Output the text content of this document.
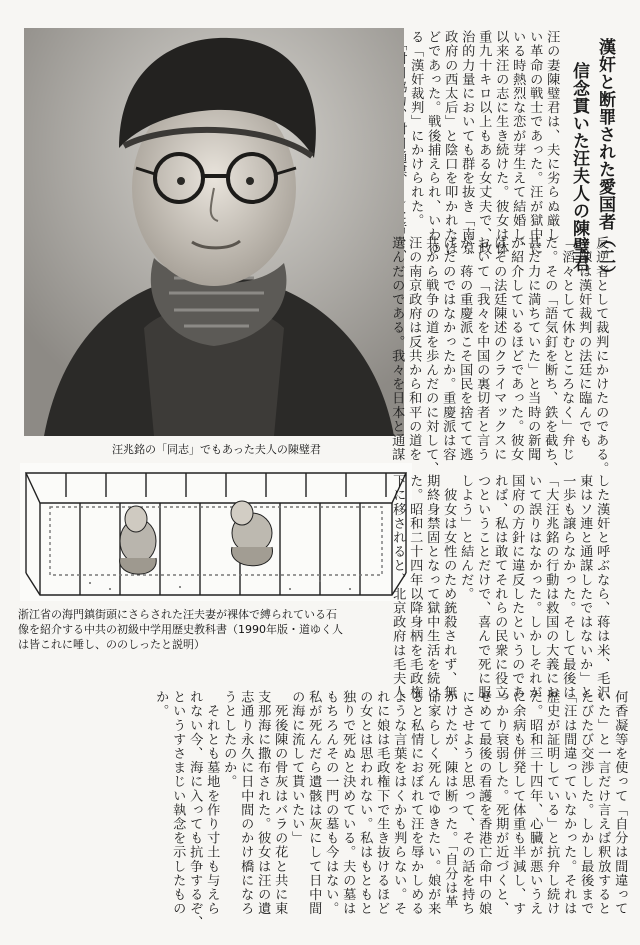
漢奸と断罪された愛国者（二）
信念貫いた汪夫人の陳璧君
汪の妻陳璧君は、夫に劣らぬ厳し
い革命の戦士であった。汪が獄中に
いる時熱烈な恋が芽生えて結婚し、
以来汪の志に生き続けた。彼女は体
重九十キロ以上もある女丈夫で、政
治的力量においても群を抜き「南京
政府の西太后」と陰口を叩かれたほ
どであった。戦後捕えられ、いわゆ
る「漢奸裁判」にかけられた。
汪兆銘の「同志」でもあった夫人の陳璧君	反逆者として裁判にかけたのである。
　陳は漢奸裁判の法廷に臨んでも
「滔々として休むところなく」弁じ
た。その「語気釘を断ち、鉄を截ち、
甚だ力に満ちていた」と当時の新聞
が紹介しているほどであった。彼女
はその法廷陳述のクライマックスに
おいて「我々を中国の裏切者と言う
が、蒋の重慶派こそ国民を捨てて逃
げたのではなかったか。重慶派は容
共から戦争の道を歩んだのに対して、
汪の南京政府は反共から和平の道を
選んだのである。我々を日本と通謀
浙江省の海門鎮街頭にさらされた汪夫妻が裸体で縛られている石
像を紹介する中共の初級中学用歴史教科書（1990年版・道ゆく人
は皆これに唾し、ののしったと説明）	した漢奸と呼ぶなら、蒋は米、毛沢
東はソ連と通謀したではないか」と
一歩も譲らなかった。そして最後は
「大汪兆銘の行動は救国の大義にお
いて誤りはなかった。しかしそれが
国府の方針に違反したというのであ
れば、私は敢てそれらの民衆に役立
つということだけで、喜んで死に服
しよう」と結んだ。
　彼女は女性のため銃殺されず、無
期終身禁固となって獄中生活を続け
た。昭和二十四年以降身柄を毛政権
下に移されると、北京政府は毛夫人
何香凝等を使って「自分は間違って
いた」と一言だけ言えば釈放すると
たびたび交渉した。しかし最後まで
「汪は間違っていなかった。それは
歴史が証明している」と抗弁し続け
た。昭和三十四年、心臓が悪いうえ
に余病も併発して体重も半減し、す
っかり衰弱した。死期が近づくと、
せめて最後の看護を香港亡命中の娘
にさせようと思って、その話を持ち
かけたが、陳は断った。「自分は革
命家らしく死んでゆきたい。娘が来
ると私情におぼれて汪を辱かしめる
ような言葉をはくかも判らない。そ
れに娘は毛政権下で生き抜けるほど
の女とは思われない。私はもともと
独りで死ぬと決めている。夫の墓は
もちろんその一門の墓も今はない。
私が死んだら遺骸は灰にして日中間
の海に流して貰いたい」
　死後陳の骨灰はバラの花と共に東
支那海に撒布された。彼女は汪の遺
志通り永久に日中間のかけ橋になろ
うとしたのか。
　それとも墓地を作り寸土も与えら
れない今、海に入っても抗争するぞ、
というすさまじい執念を示したもの
か。
